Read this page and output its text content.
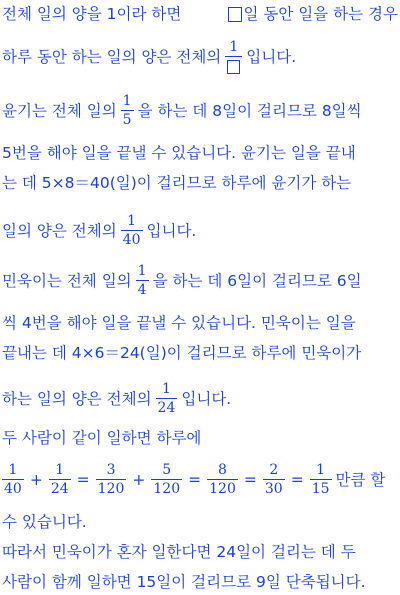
전체 일의 양을 1이라 하면	일 동안 일을 하는 경우
하루 동안 하는 일의 양은 전체의
1
입니다.
윤기는 전체 일의 $\frac{1}{5}$ 을 하는 데 8일이 걸리므로 8일씩
5번을 해야 일을 끝낼 수 있습니다. 윤기는 일을 끝내
는 데 5×8＝40(일)이 걸리므로 하루에 윤기가 하는
일의 양은 전체의 $\frac{1}{40}$ 입니다.
민욱이는 전체 일의 $\frac{1}{4}$ 을 하는 데 6일이 걸리므로 6일
씩 4번을 해야 일을 끝낼 수 있습니다. 민욱이는 일을
끝내는 데 4×6＝24(일)이 걸리므로 하루에 민욱이가
하는 일의 양은 전체의 $\frac{1}{24}$ 입니다.
두 사람이 같이 일하면 하루에
$\frac{1}{40} + \frac{1}{24} = \frac{3}{120} + \frac{5}{120} = \frac{8}{120} = \frac{2}{30} = \frac{1}{15}$ 만큼 할
수 있습니다.
따라서 민욱이가 혼자 일한다면 24일이 걸리는 데 두
사람이 함께 일하면 15일이 걸리므로 9일 단축됩니다.
